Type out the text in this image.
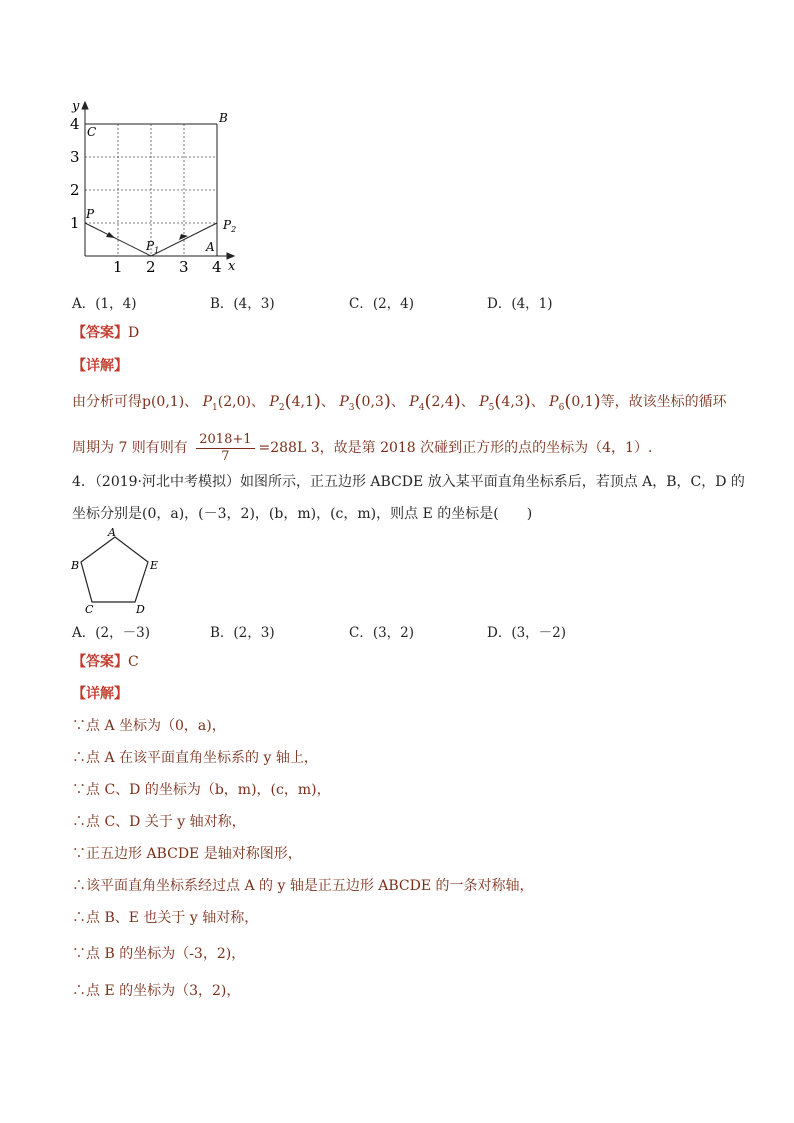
y
x
4
3
2
1
1 2 3 4
C
B
P
$P_1$
$P_2$
A
A．(1，4)	B．(4，3)	C．(2，4)	D．(4，1)
【答案】D
【详解】
由分析可得p(0,1)、 $P_1(2,0)$、 $P_2(4,1)$、 $P_3(0,3)$、 $P_4(2,4)$、 $P_5(4,3)$、 $P_6(0,1)$等，故该坐标的循环
周期为 7 则有则有 $\frac{2018+1}{7} =288L$ 3，故是第 2018 次碰到正方形的点的坐标为（4，1）.
4．（2019·河北中考模拟）如图所示，正五边形 ABCDE 放入某平面直角坐标系后，若顶点 A，B，C，D 的
坐标分别是(0，a)，(－3，2)，(b，m)，(c，m)，则点 E 的坐标是(　　)
A
B
C	D
E
A．(2，－3)	B．(2，3)	C．(3，2)	D．(3，－2)
【答案】C
【详解】
∵点 A 坐标为（0，a)，
∴点 A 在该平面直角坐标系的 y 轴上，
∵点 C、D 的坐标为（b，m)，(c，m)，
∴点 C、D 关于 y 轴对称，
∵正五边形 ABCDE 是轴对称图形，
∴该平面直角坐标系经过点 A 的 y 轴是正五边形 ABCDE 的一条对称轴，
∴点 B、E 也关于 y 轴对称，
∵点 B 的坐标为（-3，2)，
∴点 E 的坐标为（3，2)，
